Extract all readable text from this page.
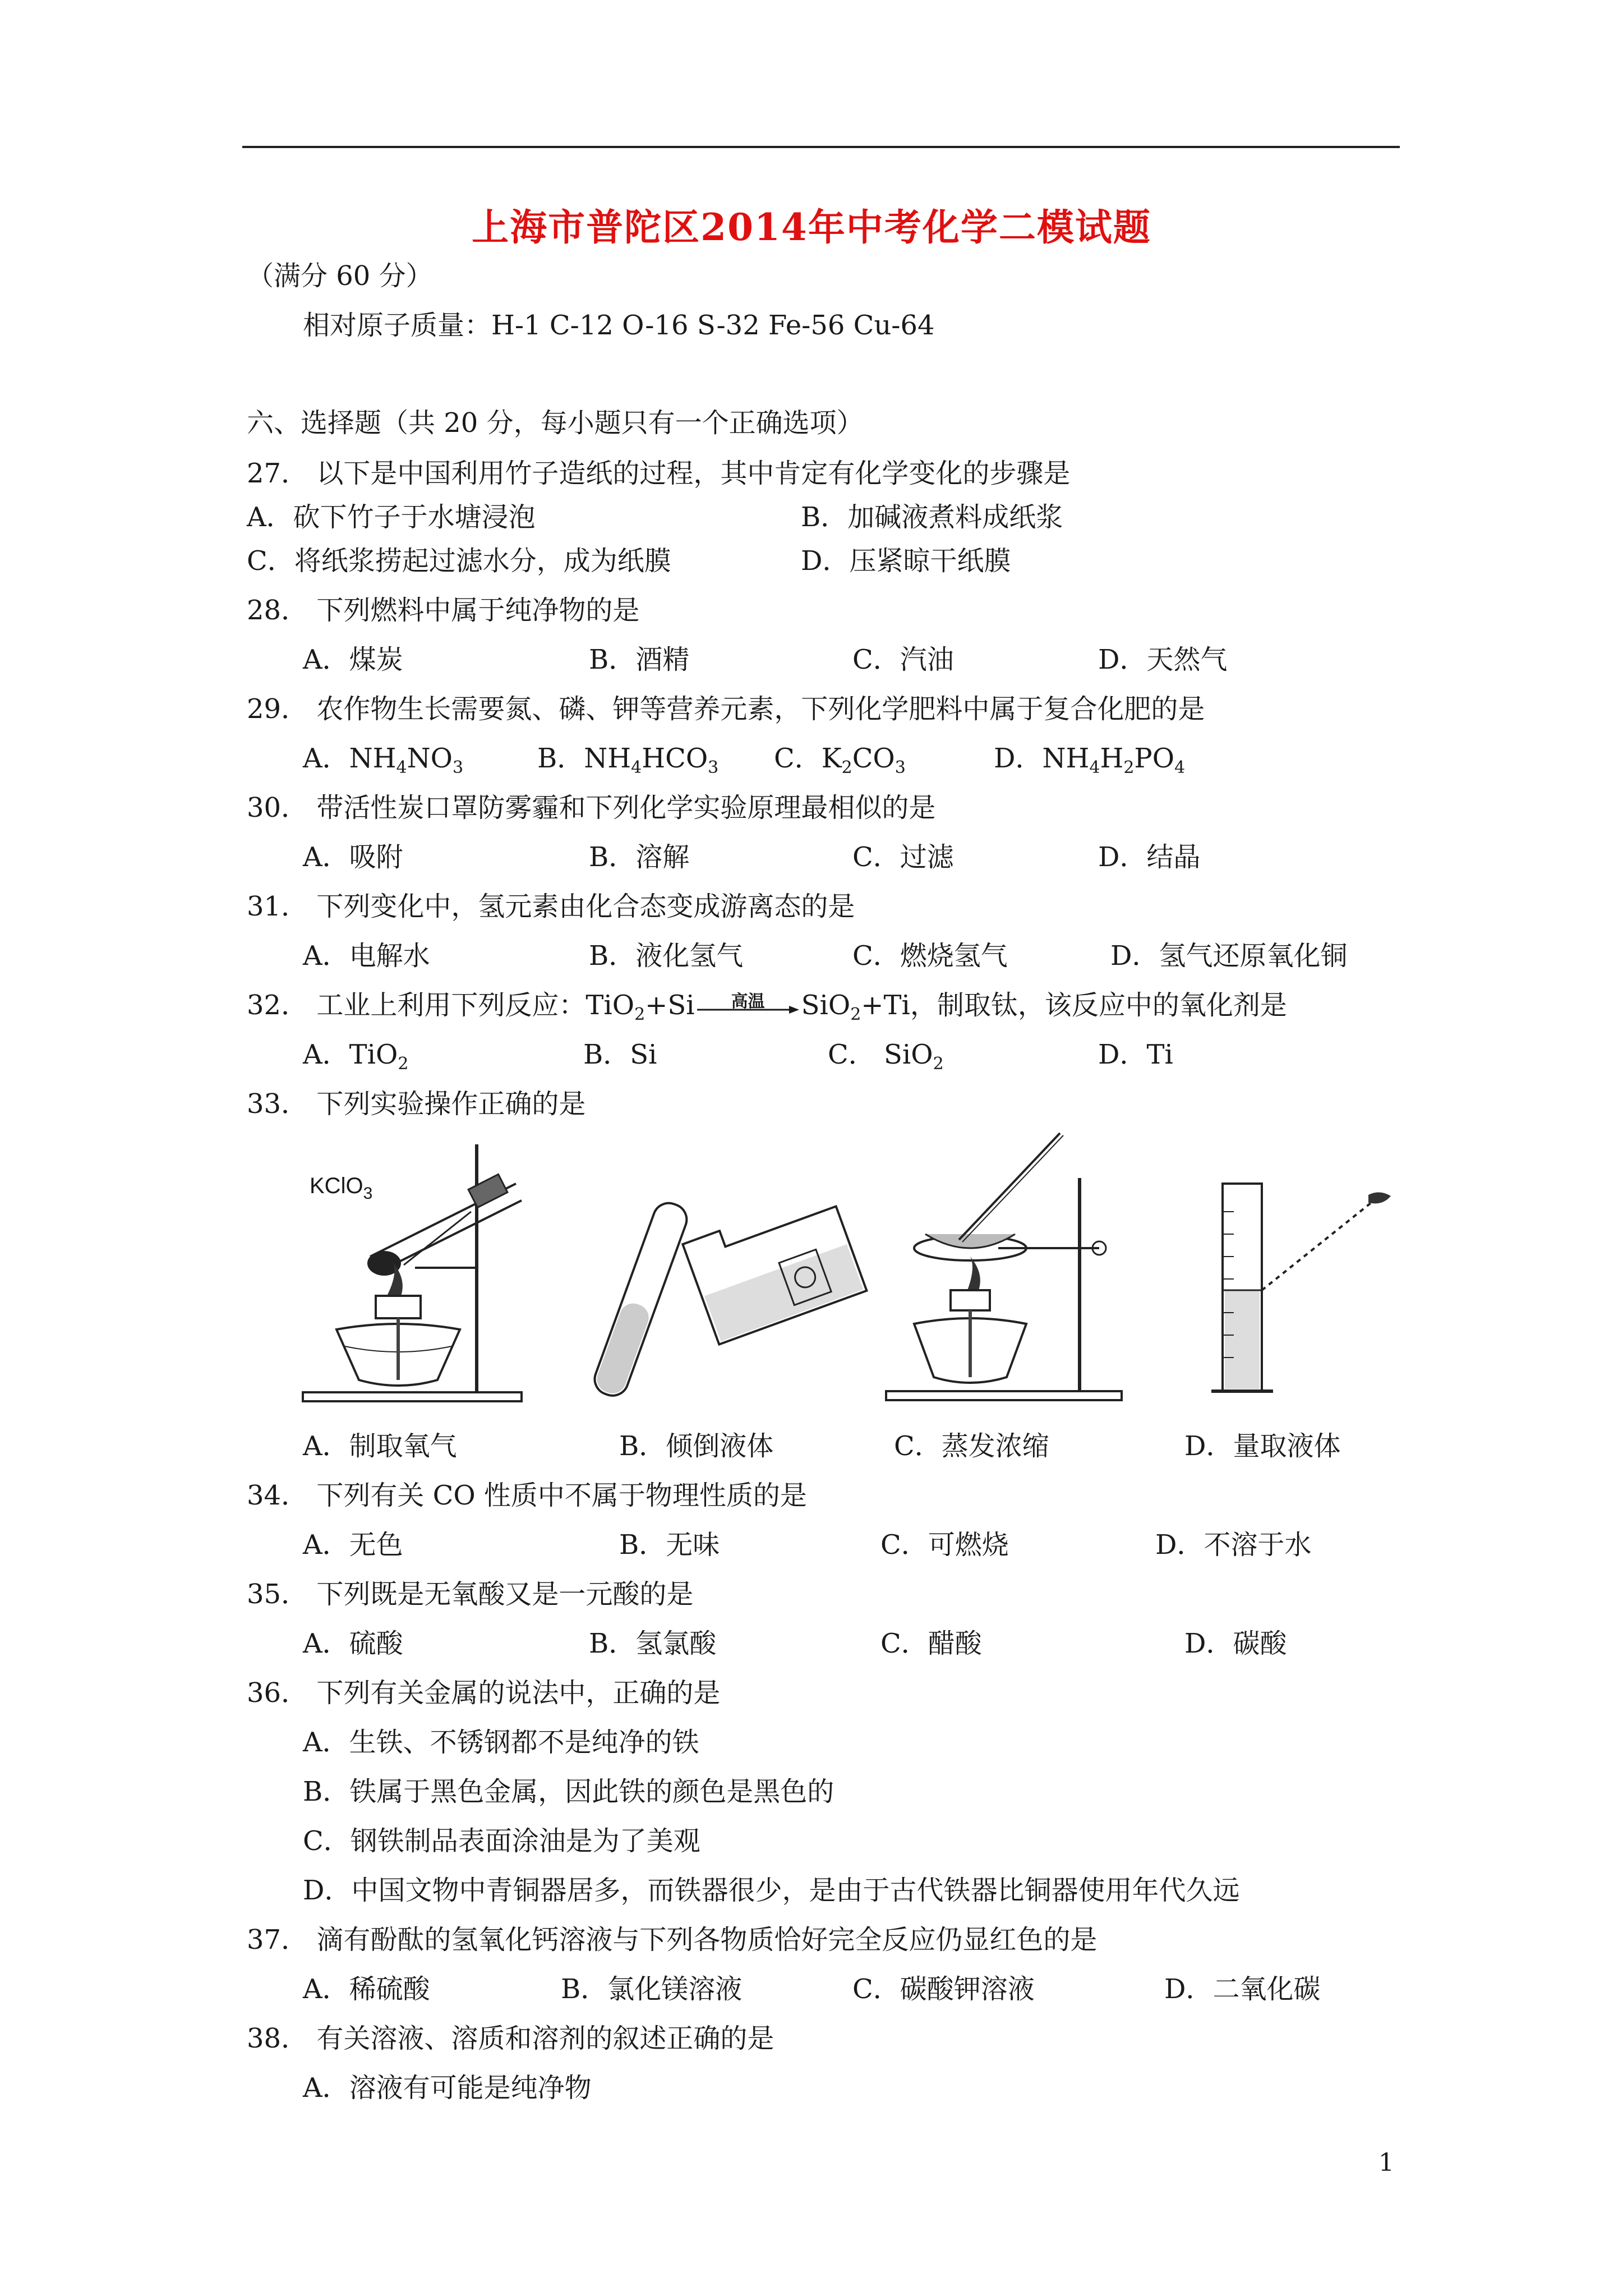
上海市普陀区2014年中考化学二模试题
（满分 60 分）
相对原子质量：H-1 C-12 O-16 S-32 Fe-56 Cu-64
六、选择题（共 20 分，每小题只有一个正确选项）
27． 以下是中国利用竹子造纸的过程，其中肯定有化学变化的步骤是
A．砍下竹子于水塘浸泡	B．加碱液煮料成纸浆
C．将纸浆捞起过滤水分，成为纸膜	D．压紧晾干纸膜
28． 下列燃料中属于纯净物的是
A．煤炭	B．酒精	C．汽油	D．天然气
29． 农作物生长需要氮、磷、钾等营养元素，下列化学肥料中属于复合化肥的是
A．$NH_4NO_3$	B．$NH_4HCO_3$ C．$K_2CO_3$	D．$NH_4H_2PO_4$
30． 带活性炭口罩防雾霾和下列化学实验原理最相似的是
A．吸附	B．溶解	C．过滤	D．结晶
31． 下列变化中，氢元素由化合态变成游离态的是
A．电解水	B．液化氢气	C．燃烧氢气	D．氢气还原氧化铜
32． 工业上利用下列反应：TiO$_2$+Si	高温	SiO$_2$+Ti，制取钛，该反应中的氧化剂是
A．TiO$_2$	B．Si	C． SiO$_2$	D．Ti
33． 下列实验操作正确的是
KClO$_3$
A．制取氧气	B．倾倒液体	C．蒸发浓缩	D．量取液体
34． 下列有关 CO 性质中不属于物理性质的是
A．无色	B．无味	C．可燃烧	D．不溶于水
35． 下列既是无氧酸又是一元酸的是
A．硫酸	B．氢氯酸	C．醋酸	D．碳酸
36． 下列有关金属的说法中，正确的是
A．生铁、不锈钢都不是纯净的铁
B．铁属于黑色金属，因此铁的颜色是黑色的
C．钢铁制品表面涂油是为了美观
D．中国文物中青铜器居多，而铁器很少，是由于古代铁器比铜器使用年代久远
37． 滴有酚酞的氢氧化钙溶液与下列各物质恰好完全反应仍显红色的是
A．稀硫酸	B．氯化镁溶液	C．碳酸钾溶液	D．二氧化碳
38． 有关溶液、溶质和溶剂的叙述正确的是
A．溶液有可能是纯净物
1
